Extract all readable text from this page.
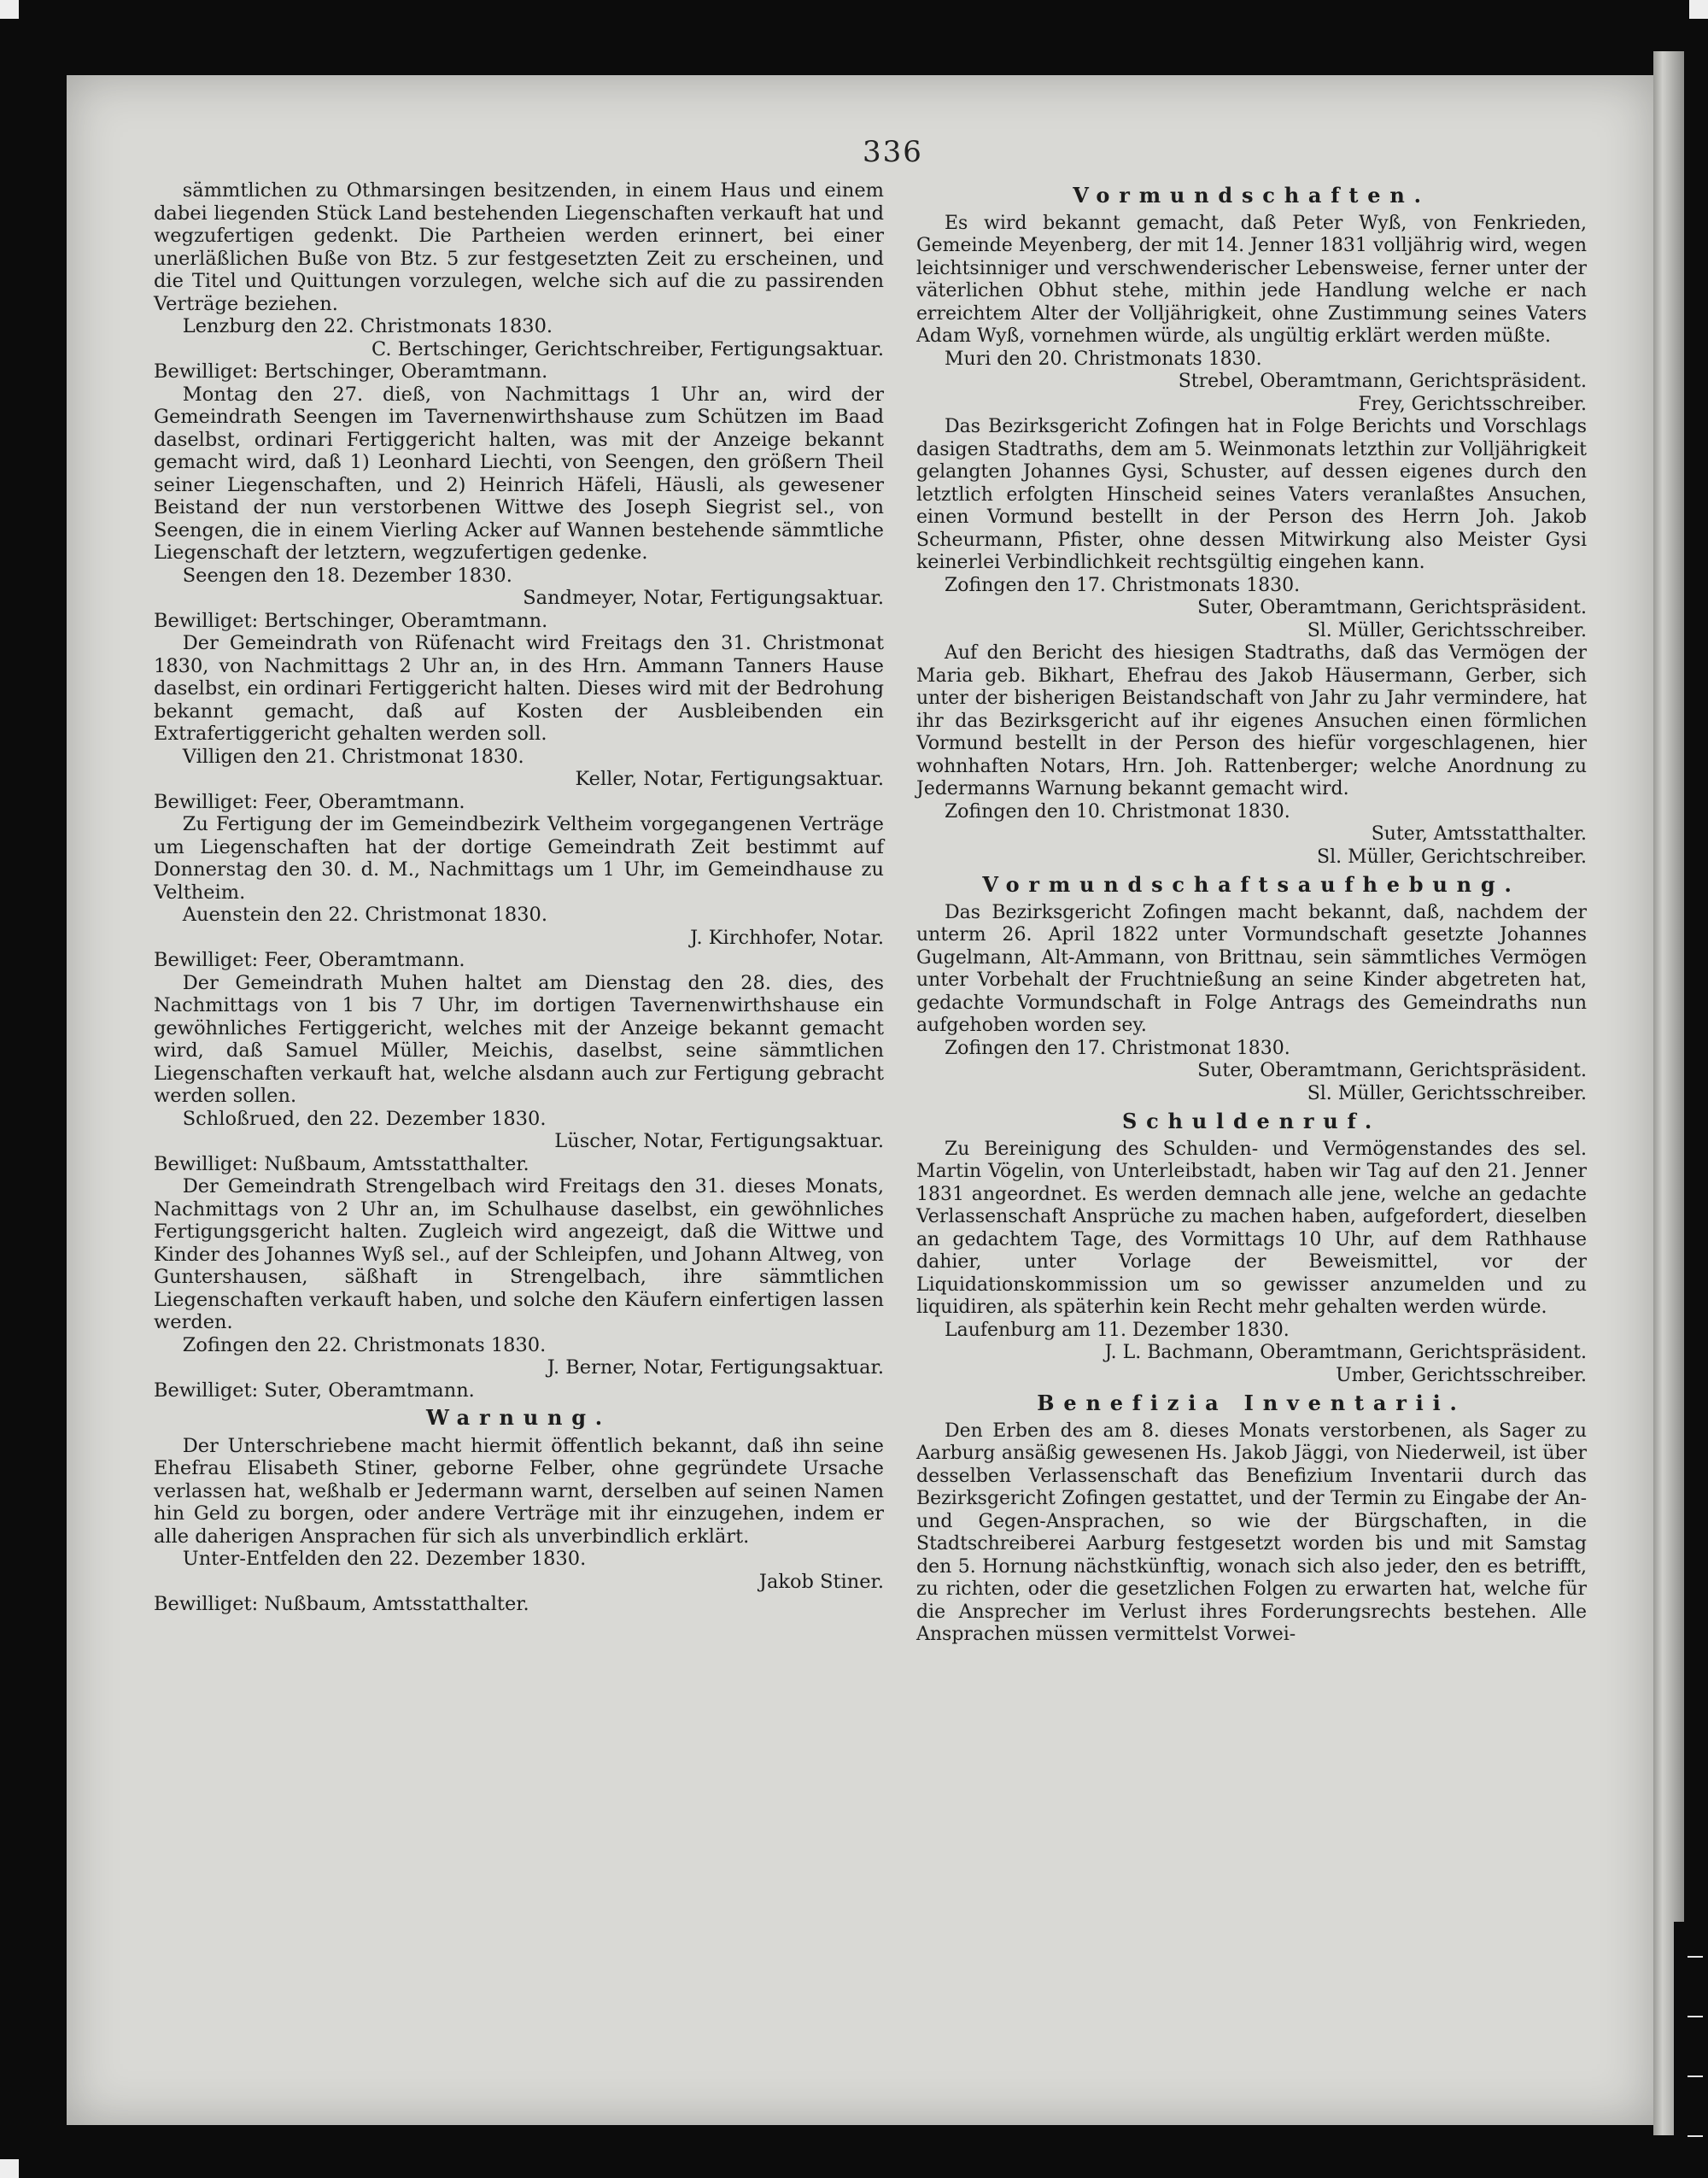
336

sämmtlichen zu Othmarsingen besitzenden, in einem Haus und einem dabei liegenden Stück Land bestehenden Liegenschaften verkauft hat und wegzufertigen gedenkt. Die Partheien werden erinnert, bei einer unerläßlichen Buße von Btz. 5 zur festgesetzten Zeit zu erscheinen, und die Titel und Quittungen vorzulegen, welche sich auf die zu passirenden Verträge beziehen.

Lenzburg den 22. Christmonats 1830.

C. Bertschinger, Gerichtschreiber, Fertigungsaktuar.

Bewilliget: Bertschinger, Oberamtmann.

Montag den 27. dieß, von Nachmittags 1 Uhr an, wird der Gemeindrath Seengen im Tavernenwirthshause zum Schützen im Baad daselbst, ordinari Fertiggericht halten, was mit der Anzeige bekannt gemacht wird, daß 1) Leonhard Liechti, von Seengen, den größern Theil seiner Liegenschaften, und 2) Heinrich Häfeli, Häusli, als gewesener Beistand der nun verstorbenen Wittwe des Joseph Siegrist sel., von Seengen, die in einem Vierling Acker auf Wannen bestehende sämmtliche Liegenschaft der letztern, wegzufertigen gedenke.

Seengen den 18. Dezember 1830.

Sandmeyer, Notar, Fertigungsaktuar.

Bewilliget: Bertschinger, Oberamtmann.

Der Gemeindrath von Rüfenacht wird Freitags den 31. Christmonat 1830, von Nachmittags 2 Uhr an, in des Hrn. Ammann Tanners Hause daselbst, ein ordinari Fertiggericht halten. Dieses wird mit der Bedrohung bekannt gemacht, daß auf Kosten der Ausbleibenden ein Extrafertiggericht gehalten werden soll.

Villigen den 21. Christmonat 1830.

Keller, Notar, Fertigungsaktuar.

Bewilliget: Feer, Oberamtmann.

Zu Fertigung der im Gemeindbezirk Veltheim vorgegangenen Verträge um Liegenschaften hat der dortige Gemeindrath Zeit bestimmt auf Donnerstag den 30. d. M., Nachmittags um 1 Uhr, im Gemeindhause zu Veltheim.

Auenstein den 22. Christmonat 1830.

J. Kirchhofer, Notar.

Bewilliget: Feer, Oberamtmann.

Der Gemeindrath Muhen haltet am Dienstag den 28. dies, des Nachmittags von 1 bis 7 Uhr, im dortigen Tavernenwirthshause ein gewöhnliches Fertiggericht, welches mit der Anzeige bekannt gemacht wird, daß Samuel Müller, Meichis, daselbst, seine sämmtlichen Liegenschaften verkauft hat, welche alsdann auch zur Fertigung gebracht werden sollen.

Schloßrued, den 22. Dezember 1830.

Lüscher, Notar, Fertigungsaktuar.

Bewilliget: Nußbaum, Amtsstatthalter.

Der Gemeindrath Strengelbach wird Freitags den 31. dieses Monats, Nachmittags von 2 Uhr an, im Schulhause daselbst, ein gewöhnliches Fertigungsgericht halten. Zugleich wird angezeigt, daß die Wittwe und Kinder des Johannes Wyß sel., auf der Schleipfen, und Johann Altweg, von Guntershausen, säßhaft in Strengelbach, ihre sämmtlichen Liegenschaften verkauft haben, und solche den Käufern einfertigen lassen werden.

Zofingen den 22. Christmonats 1830.

J. Berner, Notar, Fertigungsaktuar.

Bewilliget: Suter, Oberamtmann.

Warnung.

Der Unterschriebene macht hiermit öffentlich bekannt, daß ihn seine Ehefrau Elisabeth Stiner, geborne Felber, ohne gegründete Ursache verlassen hat, weßhalb er Jedermann warnt, derselben auf seinen Namen hin Geld zu borgen, oder andere Verträge mit ihr einzugehen, indem er alle daherigen Ansprachen für sich als unverbindlich erklärt.

Unter-Entfelden den 22. Dezember 1830.

Jakob Stiner.

Bewilliget: Nußbaum, Amtsstatthalter.

Vormundschaften.

Es wird bekannt gemacht, daß Peter Wyß, von Fenkrieden, Gemeinde Meyenberg, der mit 14. Jenner 1831 volljährig wird, wegen leichtsinniger und verschwenderischer Lebensweise, ferner unter der väterlichen Obhut stehe, mithin jede Handlung welche er nach erreichtem Alter der Volljährigkeit, ohne Zustimmung seines Vaters Adam Wyß, vornehmen würde, als ungültig erklärt werden müßte.

Muri den 20. Christmonats 1830.

Strebel, Oberamtmann, Gerichtspräsident.

Frey, Gerichtsschreiber.

Das Bezirksgericht Zofingen hat in Folge Berichts und Vorschlags dasigen Stadtraths, dem am 5. Weinmonats letzthin zur Volljährigkeit gelangten Johannes Gysi, Schuster, auf dessen eigenes durch den letztlich erfolgten Hinscheid seines Vaters veranlaßtes Ansuchen, einen Vormund bestellt in der Person des Herrn Joh. Jakob Scheurmann, Pfister, ohne dessen Mitwirkung also Meister Gysi keinerlei Verbindlichkeit rechtsgültig eingehen kann.

Zofingen den 17. Christmonats 1830.

Suter, Oberamtmann, Gerichtspräsident.

Sl. Müller, Gerichtsschreiber.

Auf den Bericht des hiesigen Stadtraths, daß das Vermögen der Maria geb. Bikhart, Ehefrau des Jakob Häusermann, Gerber, sich unter der bisherigen Beistandschaft von Jahr zu Jahr vermindere, hat ihr das Bezirksgericht auf ihr eigenes Ansuchen einen förmlichen Vormund bestellt in der Person des hiefür vorgeschlagenen, hier wohnhaften Notars, Hrn. Joh. Rattenberger; welche Anordnung zu Jedermanns Warnung bekannt gemacht wird.

Zofingen den 10. Christmonat 1830.

Suter, Amtsstatthalter.

Sl. Müller, Gerichtschreiber.

Vormundschaftsaufhebung.

Das Bezirksgericht Zofingen macht bekannt, daß, nachdem der unterm 26. April 1822 unter Vormundschaft gesetzte Johannes Gugelmann, Alt-Ammann, von Brittnau, sein sämmtliches Vermögen unter Vorbehalt der Fruchtnießung an seine Kinder abgetreten hat, gedachte Vormundschaft in Folge Antrags des Gemeindraths nun aufgehoben worden sey.

Zofingen den 17. Christmonat 1830.

Suter, Oberamtmann, Gerichtspräsident.

Sl. Müller, Gerichtsschreiber.

Schuldenruf.

Zu Bereinigung des Schulden- und Vermögenstandes des sel. Martin Vögelin, von Unterleibstadt, haben wir Tag auf den 21. Jenner 1831 angeordnet. Es werden demnach alle jene, welche an gedachte Verlassenschaft Ansprüche zu machen haben, aufgefordert, dieselben an gedachtem Tage, des Vormittags 10 Uhr, auf dem Rathhause dahier, unter Vorlage der Beweismittel, vor der Liquidationskommission um so gewisser anzumelden und zu liquidiren, als späterhin kein Recht mehr gehalten werden würde.

Laufenburg am 11. Dezember 1830.

J. L. Bachmann, Oberamtmann, Gerichtspräsident.

Umber, Gerichtsschreiber.

Benefizia Inventarii.

Den Erben des am 8. dieses Monats verstorbenen, als Sager zu Aarburg ansäßig gewesenen Hs. Jakob Jäggi, von Niederweil, ist über desselben Verlassenschaft das Benefizium Inventarii durch das Bezirksgericht Zofingen gestattet, und der Termin zu Eingabe der An- und Gegen-Ansprachen, so wie der Bürgschaften, in die Stadtschreiberei Aarburg festgesetzt worden bis und mit Samstag den 5. Hornung nächstkünftig, wonach sich also jeder, den es betrifft, zu richten, oder die gesetzlichen Folgen zu erwarten hat, welche für die Ansprecher im Verlust ihres Forderungsrechts bestehen. Alle Ansprachen müssen vermittelst Vorwei-
